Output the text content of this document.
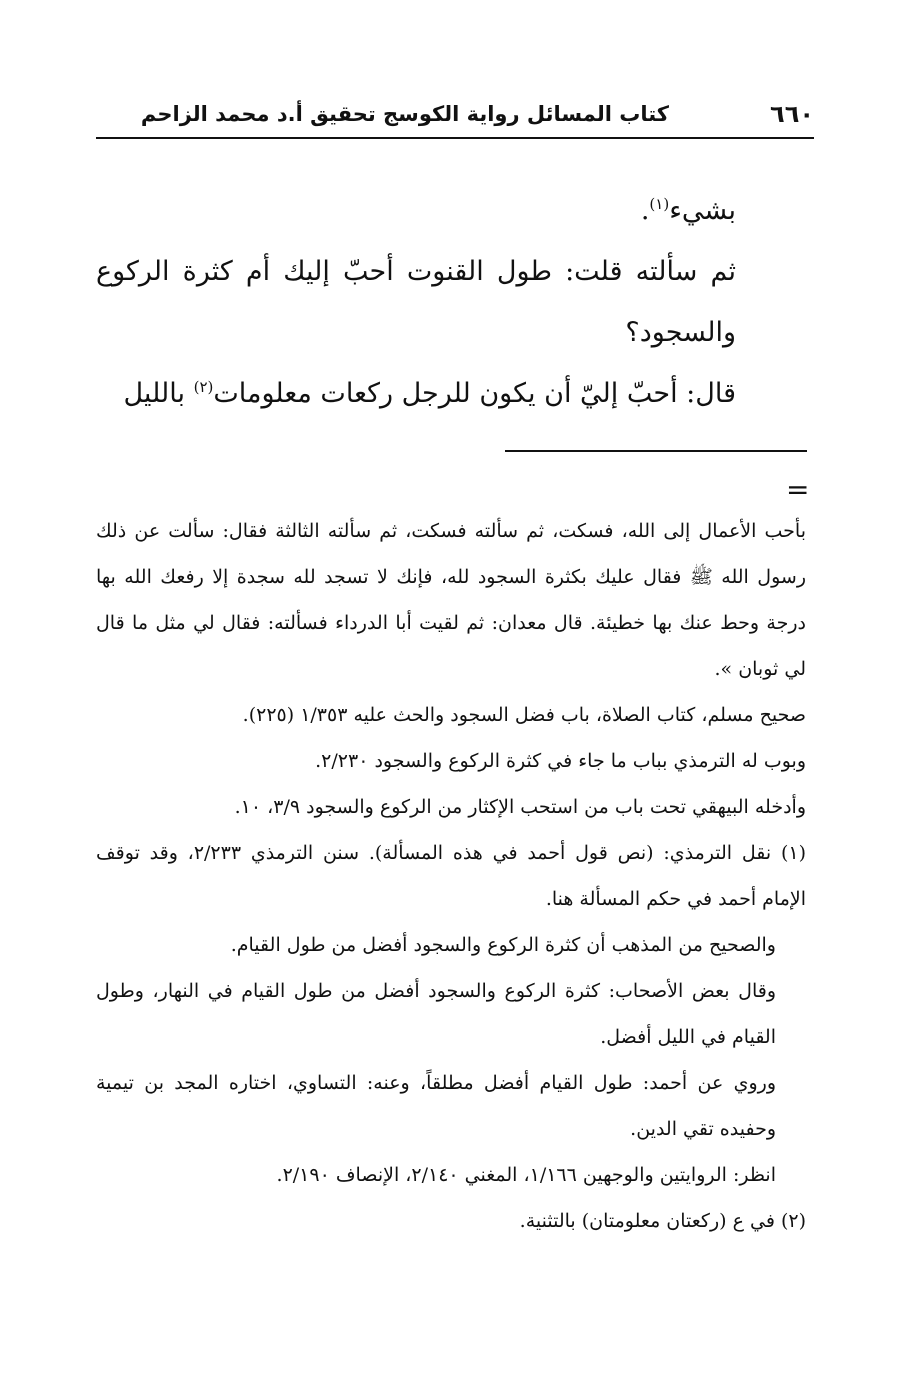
٦٦٠
كتاب المسائل رواية الكوسج تحقيق أ.د محمد الزاحم

بشيء$^{(١)}$.

ثم سألته قلت: طول القنوت أحبّ إليك أم كثرة الركوع والسجود؟

قال: أحبّ إليّ أن يكون للرجل ركعات معلومات$^{(٢)}$ بالليل

=

بأحب الأعمال إلى الله، فسكت، ثم سألته فسكت، ثم سألته الثالثة فقال: سألت عن ذلك رسول الله ﷺ فقال عليك بكثرة السجود لله، فإنك لا تسجد لله سجدة إلا رفعك الله بها درجة وحط عنك بها خطيئة. قال معدان: ثم لقيت أبا الدرداء فسألته: فقال لي مثل ما قال لي ثوبان ».

صحيح مسلم، كتاب الصلاة، باب فضل السجود والحث عليه ١/٣٥٣ (٢٢٥).

وبوب له الترمذي بباب ما جاء في كثرة الركوع والسجود ٢/٢٣٠.

وأدخله البيهقي تحت باب من استحب الإكثار من الركوع والسجود ٣/٩، ١٠.

(١) نقل الترمذي: (نص قول أحمد في هذه المسألة). سنن الترمذي ٢/٢٣٣، وقد توقف الإمام أحمد في حكم المسألة هنا.

والصحيح من المذهب أن كثرة الركوع والسجود أفضل من طول القيام.

وقال بعض الأصحاب: كثرة الركوع والسجود أفضل من طول القيام في النهار، وطول القيام في الليل أفضل.

وروي عن أحمد: طول القيام أفضل مطلقاً، وعنه: التساوي، اختاره المجد بن تيمية وحفيده تقي الدين.

انظر: الروايتين والوجهين ١/١٦٦، المغني ٢/١٤٠، الإنصاف ٢/١٩٠.

(٢) في ع (ركعتان معلومتان) بالتثنية.
